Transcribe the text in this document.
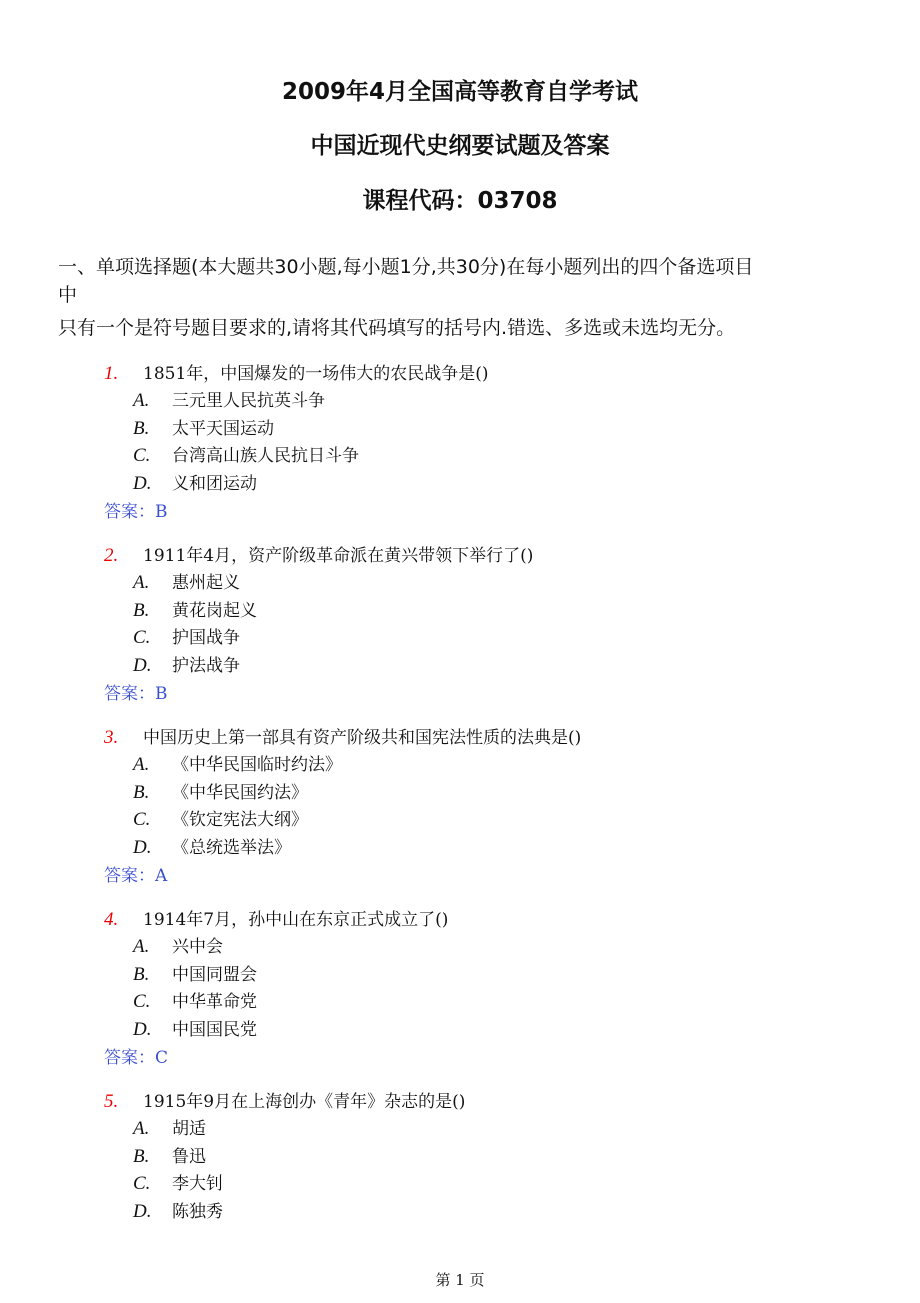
2009年4月全国高等教育自学考试
中国近现代史纲要试题及答案
课程代码：03708
一、单项选择题(本大题共30小题,每小题1分,共30分)在每小题列出的四个备选项目
中
只有一个是符号题目要求的,请将其代码填写的括号内.错选、多选或未选均无分。
1. 1851年，中国爆发的一场伟大的农民战争是()
A. 三元里人民抗英斗争
B. 太平天国运动
C. 台湾高山族人民抗日斗争
D. 义和团运动
答案：B
2. 1911年4月，资产阶级革命派在黄兴带领下举行了()
A. 惠州起义
B. 黄花岗起义
C. 护国战争
D. 护法战争
答案：B
3. 中国历史上第一部具有资产阶级共和国宪法性质的法典是()
A. 《中华民国临时约法》
B. 《中华民国约法》
C. 《钦定宪法大纲》
D. 《总统选举法》
答案：A
4. 1914年7月，孙中山在东京正式成立了()
A. 兴中会
B. 中国同盟会
C. 中华革命党
D. 中国国民党
答案：C
5. 1915年9月在上海创办《青年》杂志的是()
A. 胡适
B. 鲁迅
C. 李大钊
D. 陈独秀
第 1 页
